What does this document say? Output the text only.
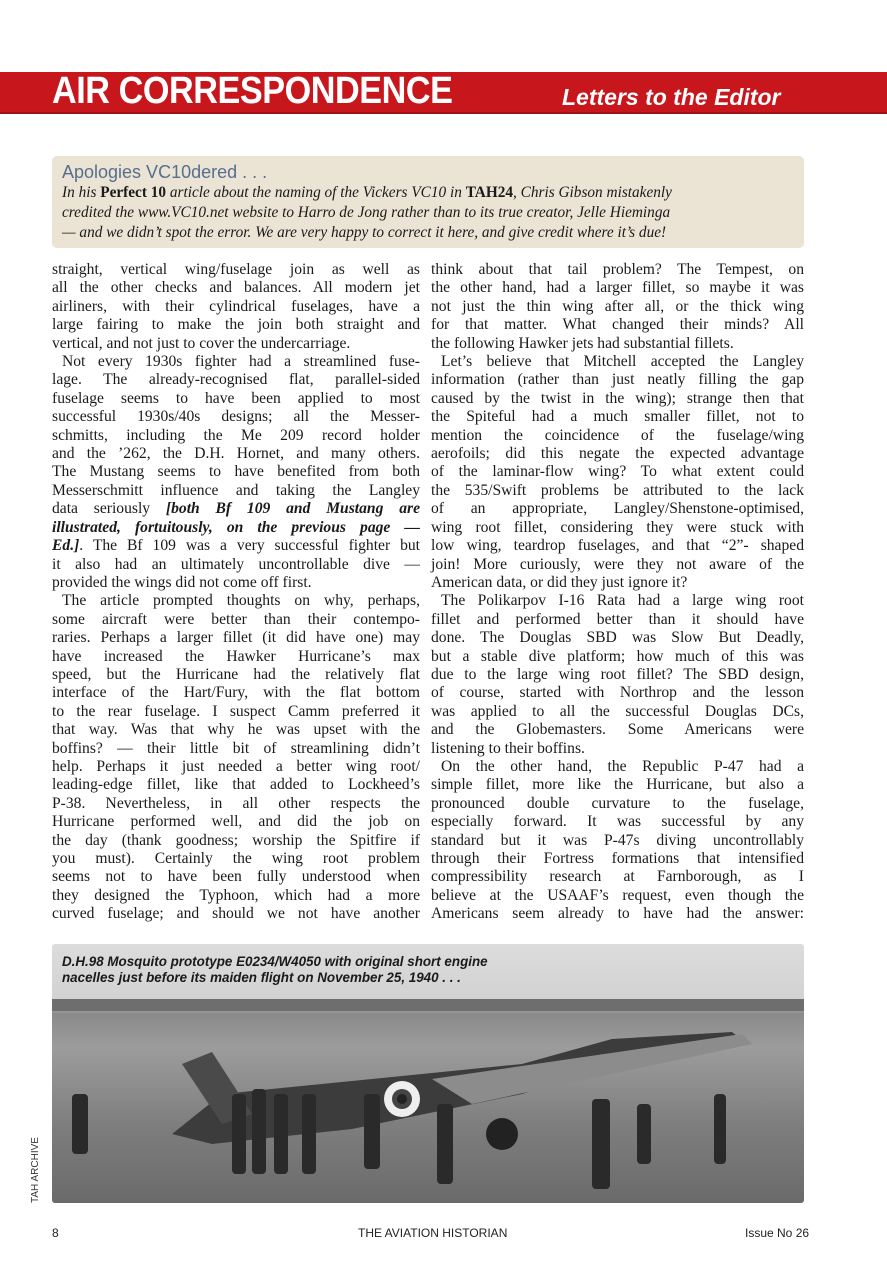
AIR CORRESPONDENCE	Letters to the Editor
Apologies VC10dered . . .
In his Perfect 10 article about the naming of the Vickers VC10 in TAH24, Chris Gibson mistakenly
credited the www.VC10.net website to Harro de Jong rather than to its true creator, Jelle Hieminga
— and we didn’t spot the error. We are very happy to correct it here, and give credit where it’s due!
straight, vertical wing/fuselage join as well as
all the other checks and balances. All modern jet
airliners, with their cylindrical fuselages, have a
large fairing to make the join both straight and
vertical, and not just to cover the undercarriage.
Not every 1930s fighter had a streamlined fuse-
lage. The already-recognised flat, parallel-sided
fuselage seems to have been applied to most
successful 1930s/40s designs; all the Messer-
schmitts, including the Me 209 record holder
and the ’262, the D.H. Hornet, and many others.
The Mustang seems to have benefited from both
Messerschmitt influence and taking the Langley
data seriously [both Bf 109 and Mustang are
illustrated, fortuitously, on the previous page —
Ed.]. The Bf 109 was a very successful fighter but
it also had an ultimately uncontrollable dive —
provided the wings did not come off first.
The article prompted thoughts on why, perhaps,
some aircraft were better than their contempo-
raries. Perhaps a larger fillet (it did have one) may
have increased the Hawker Hurricane’s max
speed, but the Hurricane had the relatively flat
interface of the Hart/Fury, with the flat bottom
to the rear fuselage. I suspect Camm preferred it
that way. Was that why he was upset with the
boffins? — their little bit of streamlining didn’t
help. Perhaps it just needed a better wing root/
leading-edge fillet, like that added to Lockheed’s
P-38. Nevertheless, in all other respects the
Hurricane performed well, and did the job on
the day (thank goodness; worship the Spitfire if
you must). Certainly the wing root problem
seems not to have been fully understood when
they designed the Typhoon, which had a more
curved fuselage; and should we not have another
think about that tail problem? The Tempest, on
the other hand, had a larger fillet, so maybe it was
not just the thin wing after all, or the thick wing
for that matter. What changed their minds? All
the following Hawker jets had substantial fillets.
Let’s believe that Mitchell accepted the Langley
information (rather than just neatly filling the gap
caused by the twist in the wing); strange then that
the Spiteful had a much smaller fillet, not to
mention the coincidence of the fuselage/wing
aerofoils; did this negate the expected advantage
of the laminar-flow wing? To what extent could
the 535/Swift problems be attributed to the lack
of an appropriate, Langley/Shenstone-optimised,
wing root fillet, considering they were stuck with
low wing, teardrop fuselages, and that “2”- shaped
join! More curiously, were they not aware of the
American data, or did they just ignore it?
The Polikarpov I-16 Rata had a large wing root
fillet and performed better than it should have
done. The Douglas SBD was Slow But Deadly,
but a stable dive platform; how much of this was
due to the large wing root fillet? The SBD design,
of course, started with Northrop and the lesson
was applied to all the successful Douglas DCs,
and the Globemasters. Some Americans were
listening to their boffins.
On the other hand, the Republic P-47 had a
simple fillet, more like the Hurricane, but also a
pronounced double curvature to the fuselage,
especially forward. It was successful by any
standard but it was P-47s diving uncontrollably
through their Fortress formations that intensified
compressibility research at Farnborough, as I
believe at the USAAF’s request, even though the
Americans seem already to have had the answer:
D.H.98 Mosquito prototype E0234/W4050 with original short engine
nacelles just before its maiden flight on November 25, 1940 . . .
TAH ARCHIVE
8	THE AVIATION HISTORIAN	Issue No 26
